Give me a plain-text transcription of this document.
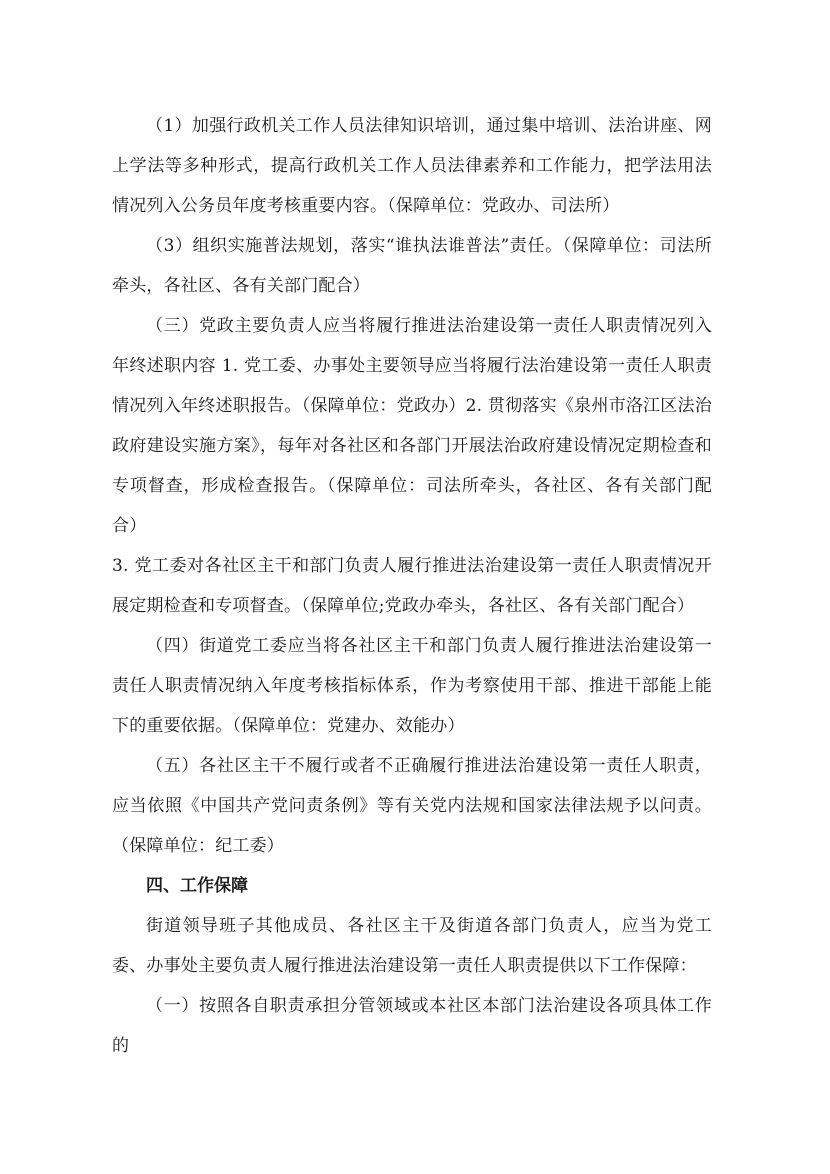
（1）加强行政机关工作人员法律知识培训，通过集中培训、法治讲座、网上学法等多种形式，提高行政机关工作人员法律素养和工作能力，把学法用法情况列入公务员年度考核重要内容。（保障单位：党政办、司法所）

（3）组织实施普法规划，落实“谁执法谁普法”责任。（保障单位：司法所牵头，各社区、各有关部门配合）

（三）党政主要负责人应当将履行推进法治建设第一责任人职责情况列入年终述职内容 1. 党工委、办事处主要领导应当将履行法治建设第一责任人职责情况列入年终述职报告。（保障单位：党政办）2. 贯彻落实《泉州市洛江区法治政府建设实施方案》，每年对各社区和各部门开展法治政府建设情况定期检查和专项督查，形成检查报告。（保障单位：司法所牵头，各社区、各有关部门配合）

3. 党工委对各社区主干和部门负责人履行推进法治建设第一责任人职责情况开展定期检查和专项督查。（保障单位;党政办牵头，各社区、各有关部门配合）

（四）街道党工委应当将各社区主干和部门负责人履行推进法治建设第一责任人职责情况纳入年度考核指标体系，作为考察使用干部、推进干部能上能下的重要依据。（保障单位：党建办、效能办）

（五）各社区主干不履行或者不正确履行推进法治建设第一责任人职责，应当依照《中国共产党问责条例》等有关党内法规和国家法律法规予以问责。（保障单位：纪工委）

四、工作保障

街道领导班子其他成员、各社区主干及街道各部门负责人，应当为党工委、办事处主要负责人履行推进法治建设第一责任人职责提供以下工作保障：

（一）按照各自职责承担分管领域或本社区本部门法治建设各项具体工作的
